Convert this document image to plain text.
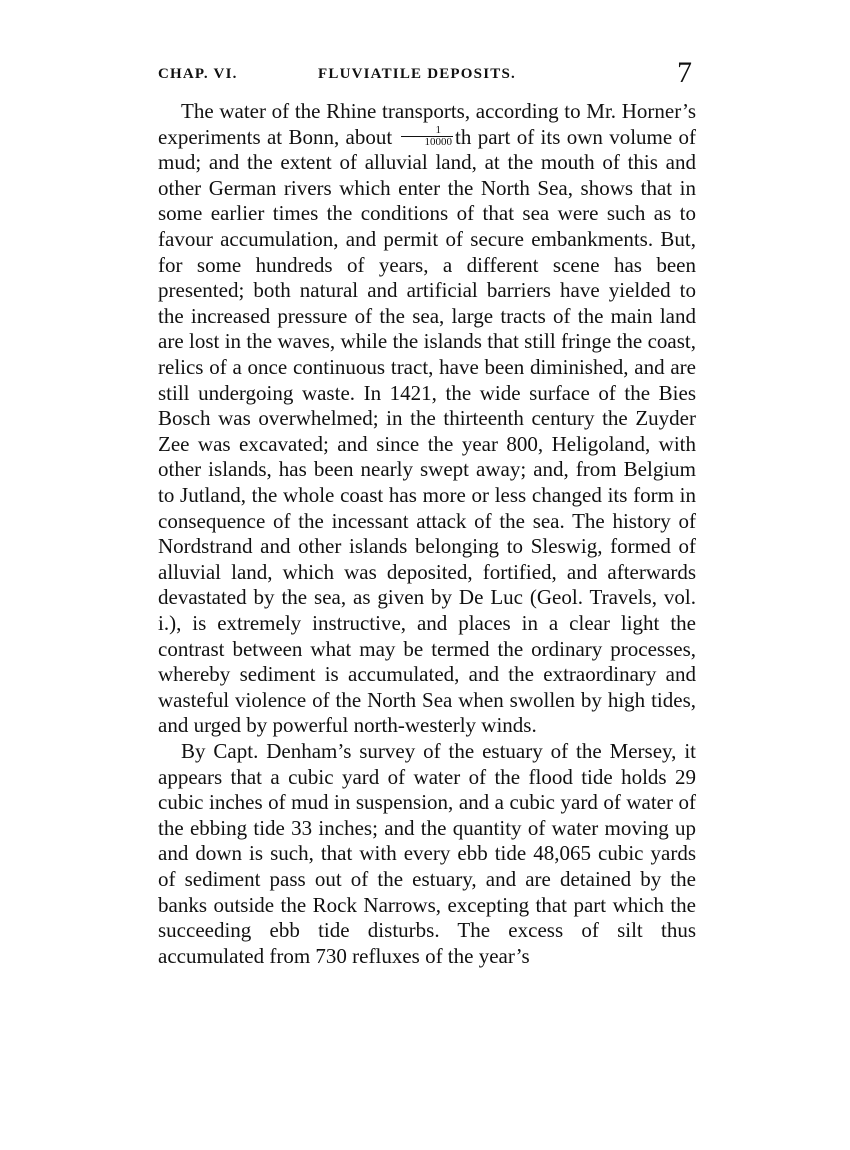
CHAP. VI.	FLUVIATILE DEPOSITS.	7

The water of the Rhine transports, according to Mr. Horner’s experiments at Bonn, about $\frac{1}{10000}$ th part of its own volume of mud; and the extent of alluvial land, at the mouth of this and other German rivers which enter the North Sea, shows that in some earlier times the conditions of that sea were such as to favour accumulation, and permit of secure embankments. But, for some hundreds of years, a different scene has been presented; both natural and artificial barriers have yielded to the increased pressure of the sea, large tracts of the main land are lost in the waves, while the islands that still fringe the coast, relics of a once continuous tract, have been diminished, and are still undergoing waste. In 1421, the wide surface of the Bies Bosch was overwhelmed; in the thirteenth century the Zuyder Zee was excavated; and since the year 800, Heligoland, with other islands, has been nearly swept away; and, from Belgium to Jutland, the whole coast has more or less changed its form in consequence of the incessant attack of the sea. The history of Nordstrand and other islands belonging to Sleswig, formed of alluvial land, which was deposited, fortified, and afterwards devastated by the sea, as given by De Luc (Geol. Travels, vol. i.), is extremely instructive, and places in a clear light the contrast between what may be termed the ordinary processes, whereby sediment is accumulated, and the extraordinary and wasteful violence of the North Sea when swollen by high tides, and urged by powerful north-westerly winds.

By Capt. Denham’s survey of the estuary of the Mersey, it appears that a cubic yard of water of the flood tide holds 29 cubic inches of mud in suspension, and a cubic yard of water of the ebbing tide 33 inches; and the quantity of water moving up and down is such, that with every ebb tide 48,065 cubic yards of sediment pass out of the estuary, and are detained by the banks outside the Rock Narrows, excepting that part which the succeeding ebb tide disturbs. The excess of silt thus accumulated from 730 refluxes of the year’s
